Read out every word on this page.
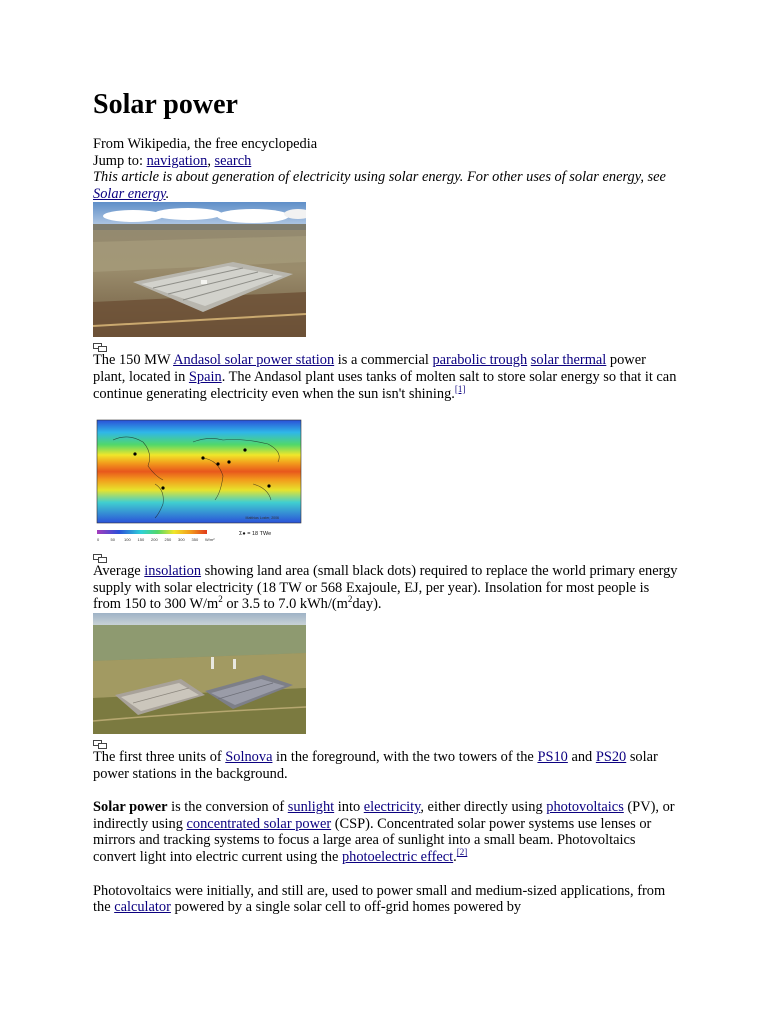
Solar power

From Wikipedia, the free encyclopedia

Jump to: navigation, search

This article is about generation of electricity using solar energy. For other uses of solar energy, see Solar energy.

The 150 MW Andasol solar power station is a commercial parabolic trough solar thermal power plant, located in Spain. The Andasol plant uses tanks of molten salt to store solar energy so that it can continue generating electricity even when the sun isn't shining.[1]

Matthias Loster, 2006
0	50 100 150 200 250 300 350 W/m²
Σ● = 18 TWe

Average insolation showing land area (small black dots) required to replace the world primary energy supply with solar electricity (18 TW or 568 Exajoule, EJ, per year). Insolation for most people is from 150 to 300 $W/m^2$ or 3.5 to 7.0 kWh/$(m^2day)$.

The first three units of Solnova in the foreground, with the two towers of the PS10 and PS20 solar power stations in the background.

Solar power is the conversion of sunlight into electricity, either directly using photovoltaics (PV), or indirectly using concentrated solar power (CSP). Concentrated solar power systems use lenses or mirrors and tracking systems to focus a large area of sunlight into a small beam. Photovoltaics convert light into electric current using the photoelectric effect.[2]

Photovoltaics were initially, and still are, used to power small and medium-sized applications, from the calculator powered by a single solar cell to off-grid homes powered by
